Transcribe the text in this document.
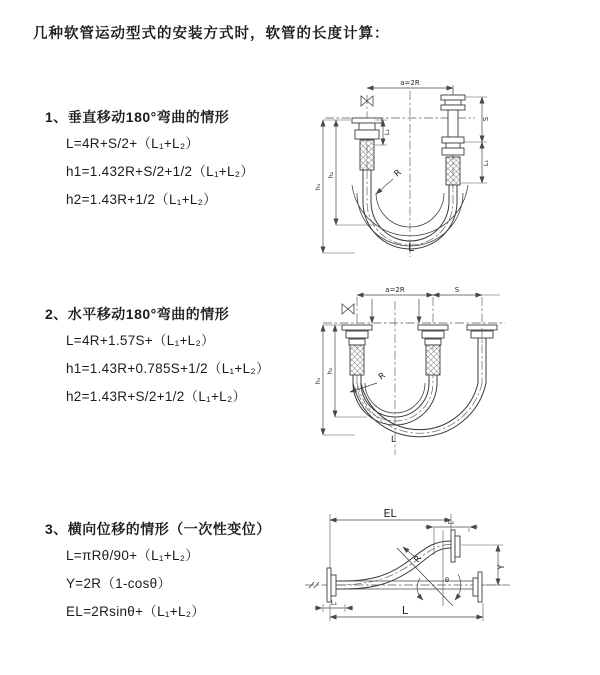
几种软管运动型式的安装方式时，软管的长度计算：
1、垂直移动180°弯曲的情形
L=4R+S/2+（L₁+L₂）
h1=1.432R+S/2+1/2（L₁+L₂）
h2=1.43R+1/2（L₁+L₂）
2、水平移动180°弯曲的情形
L=4R+1.57S+（L₁+L₂）
h1=1.43R+0.785S+1/2（L₁+L₂）
h2=1.43R+S/2+1/2（L₁+L₂）
3、横向位移的情形（一次性变位）
L=πRθ/90+（L₁+L₂）
Y=2R（1-cosθ）
EL=2Rsinθ+（L₁+L₂）
a=2R
h₁
h₂
L₁
S
L₁
R
L
a=2R	S
h₁
h₂	R
L
EL
L₂
θ
R
Y
L₁
L
